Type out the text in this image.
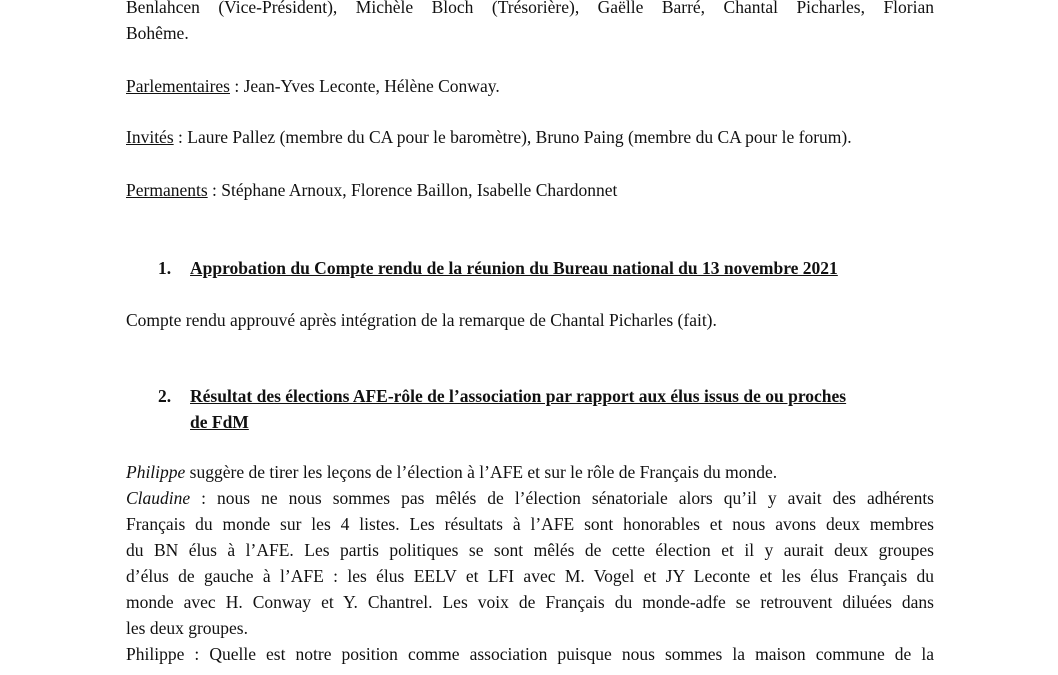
Benlahcen (Vice-Président), Michèle Bloch (Trésorière), Gaëlle Barré, Chantal Picharles, Florian
Bohême.
Parlementaires : Jean-Yves Leconte, Hélène Conway.
Invités : Laure Pallez (membre du CA pour le baromètre), Bruno Paing (membre du CA pour le forum).
Permanents : Stéphane Arnoux, Florence Baillon, Isabelle Chardonnet
1. Approbation du Compte rendu de la réunion du Bureau national du 13 novembre 2021
Compte rendu approuvé après intégration de la remarque de Chantal Picharles (fait).
2. Résultat des élections AFE-rôle de l’association par rapport aux élus issus de ou proches
de FdM
Philippe suggère de tirer les leçons de l’élection à l’AFE et sur le rôle de Français du monde.
Claudine : nous ne nous sommes pas mêlés de l’élection sénatoriale alors qu’il y avait des adhérents
Français du monde sur les 4 listes. Les résultats à l’AFE sont honorables et nous avons deux membres
du BN élus à l’AFE. Les partis politiques se sont mêlés de cette élection et il y aurait deux groupes
d’élus de gauche à l’AFE : les élus EELV et LFI avec M. Vogel et JY Leconte et les élus Français du
monde avec H. Conway et Y. Chantrel. Les voix de Français du monde-adfe se retrouvent diluées dans
les deux groupes.
Philippe : Quelle est notre position comme association puisque nous sommes la maison commune de la
